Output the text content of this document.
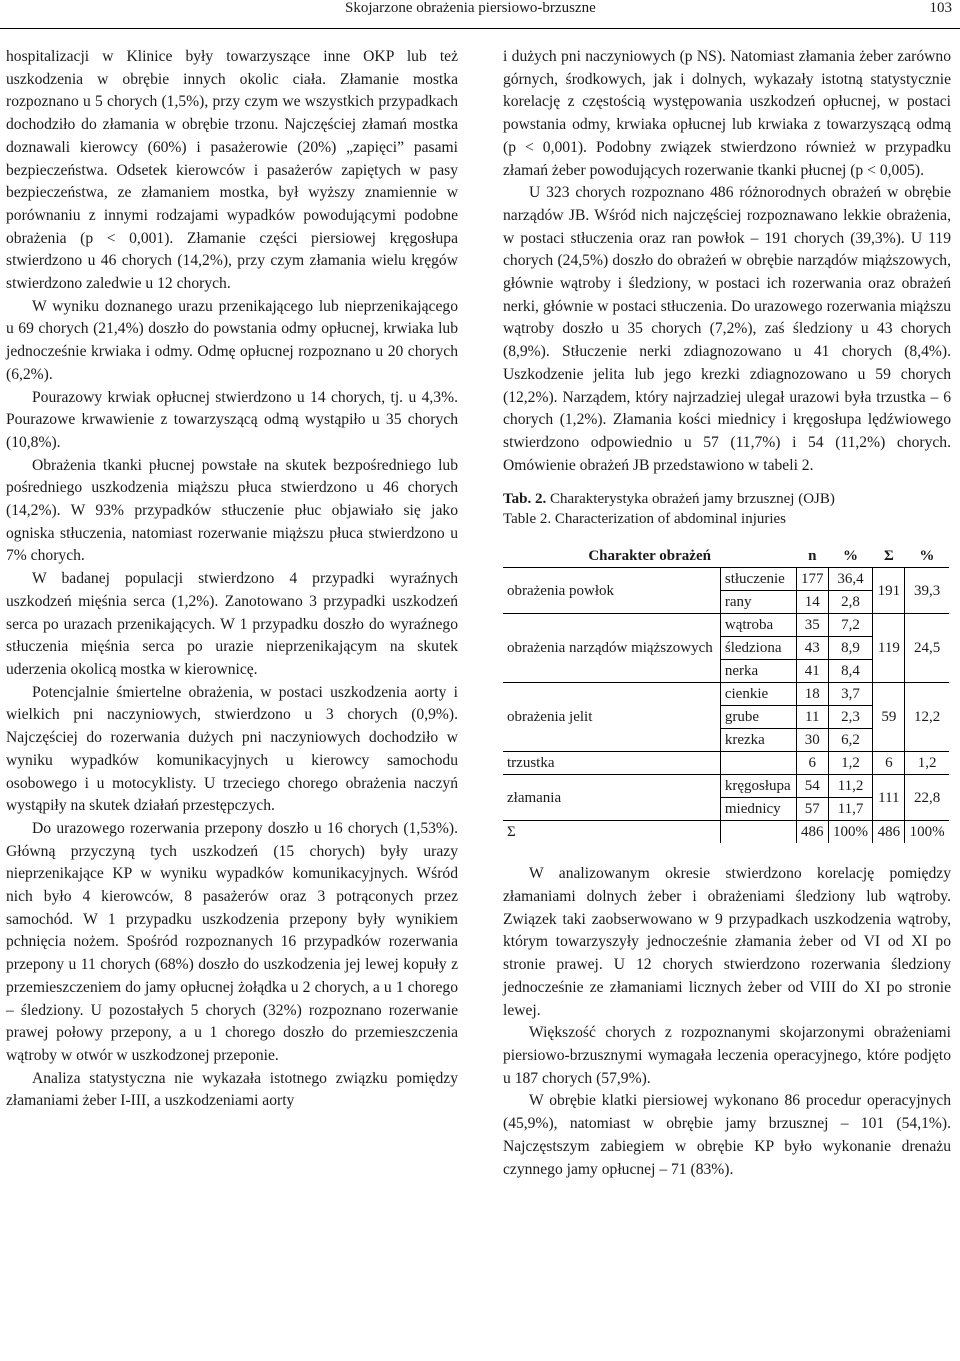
Skojarzone obrażenia piersiowo-brzuszne	103

hospitalizacji w Klinice były towarzyszące inne OKP lub też uszkodzenia w obrębie innych okolic ciała. Złamanie mostka rozpoznano u 5 chorych (1,5%), przy czym we wszystkich przypadkach dochodziło do złamania w obrębie trzonu. Najczęściej złamań mostka doznawali kierowcy (60%) i pasażerowie (20%) „zapięci” pasami bezpieczeństwa. Odsetek kierowców i pasażerów zapiętych w pasy bezpieczeństwa, ze złamaniem mostka, był wyższy znamiennie w porównaniu z innymi rodzajami wypadków powodującymi podobne obrażenia (p < 0,001). Złamanie części piersiowej kręgosłupa stwierdzono u 46 chorych (14,2%), przy czym złamania wielu kręgów stwierdzono zaledwie u 12 chorych.

W wyniku doznanego urazu przenikającego lub nieprzenikającego u 69 chorych (21,4%) doszło do powstania odmy opłucnej, krwiaka lub jednocześnie krwiaka i odmy. Odmę opłucnej rozpoznano u 20 chorych (6,2%).

Pourazowy krwiak opłucnej stwierdzono u 14 chorych, tj. u 4,3%. Pourazowe krwawienie z towarzyszącą odmą wystąpiło u 35 chorych (10,8%).

Obrażenia tkanki płucnej powstałe na skutek bezpośredniego lub pośredniego uszkodzenia miąższu płuca stwierdzono u 46 chorych (14,2%). W 93% przypadków stłuczenie płuc objawiało się jako ogniska stłuczenia, natomiast rozerwanie miąższu płuca stwierdzono u 7% chorych.

W badanej populacji stwierdzono 4 przypadki wyraźnych uszkodzeń mięśnia serca (1,2%). Zanotowano 3 przypadki uszkodzeń serca po urazach przenikających. W 1 przypadku doszło do wyraźnego stłuczenia mięśnia serca po urazie nieprzenikającym na skutek uderzenia okolicą mostka w kierownicę.

Potencjalnie śmiertelne obrażenia, w postaci uszkodzenia aorty i wielkich pni naczyniowych, stwierdzono u 3 chorych (0,9%). Najczęściej do rozerwania dużych pni naczyniowych dochodziło w wyniku wypadków komunikacyjnych u kierowcy samochodu osobowego i u motocyklisty. U trzeciego chorego obrażenia naczyń wystąpiły na skutek działań przestępczych.

Do urazowego rozerwania przepony doszło u 16 chorych (1,53%). Główną przyczyną tych uszkodzeń (15 chorych) były urazy nieprzenikające KP w wyniku wypadków komunikacyjnych. Wśród nich było 4 kierowców, 8 pasażerów oraz 3 potrąconych przez samochód. W 1 przypadku uszkodzenia przepony były wynikiem pchnięcia nożem. Spośród rozpoznanych 16 przypadków rozerwania przepony u 11 chorych (68%) doszło do uszkodzenia jej lewej kopuły z przemieszczeniem do jamy opłucnej żołądka u 2 chorych, a u 1 chorego – śledziony. U pozostałych 5 chorych (32%) rozpoznano rozerwanie prawej połowy przepony, a u 1 chorego doszło do przemieszczenia wątroby w otwór w uszkodzonej przeponie.

Analiza statystyczna nie wykazała istotnego związku pomiędzy złamaniami żeber I-III, a uszkodzeniami aorty

i dużych pni naczyniowych (p NS). Natomiast złamania żeber zarówno górnych, środkowych, jak i dolnych, wykazały istotną statystycznie korelację z częstością występowania uszkodzeń opłucnej, w postaci powstania odmy, krwiaka opłucnej lub krwiaka z towarzyszącą odmą (p < 0,001). Podobny związek stwierdzono również w przypadku złamań żeber powodujących rozerwanie tkanki płucnej (p < 0,005).

U 323 chorych rozpoznano 486 różnorodnych obrażeń w obrębie narządów JB. Wśród nich najczęściej rozpoznawano lekkie obrażenia, w postaci stłuczenia oraz ran powłok – 191 chorych (39,3%). U 119 chorych (24,5%) doszło do obrażeń w obrębie narządów miąższowych, głównie wątroby i śledziony, w postaci ich rozerwania oraz obrażeń nerki, głównie w postaci stłuczenia. Do urazowego rozerwania miąższu wątroby doszło u 35 chorych (7,2%), zaś śledziony u 43 chorych (8,9%). Stłuczenie nerki zdiagnozowano u 41 chorych (8,4%). Uszkodzenie jelita lub jego krezki zdiagnozowano u 59 chorych (12,2%). Narządem, który najrzadziej ulegał urazowi była trzustka – 6 chorych (1,2%). Złamania kości miednicy i kręgosłupa lędźwiowego stwierdzono odpowiednio u 57 (11,7%) i 54 (11,2%) chorych. Omówienie obrażeń JB przedstawiono w tabeli 2.

Tab. 2. Charakterystyka obrażeń jamy brzusznej (OJB)
Table 2. Characterization of abdominal injuries
Charakter obrażeń		n	%	Σ	%
obrażenia powłok	stłuczenie	177	36,4	191	39,3
	rany	14	2,8		
obrażenia narządów miąższowych	wątroba	35	7,2	119	24,5
	śledziona	43	8,9		
	nerka	41	8,4		
obrażenia jelit	cienkie	18	3,7	59	12,2
	grube	11	2,3		
	krezka	30	6,2		
trzustka		6	1,2	6	1,2
złamania	kręgosłupa	54	11,2	111	22,8
	miednicy	57	11,7		
Σ		486	100%	486	100%

W analizowanym okresie stwierdzono korelację pomiędzy złamaniami dolnych żeber i obrażeniami śledziony lub wątroby. Związek taki zaobserwowano w 9 przypadkach uszkodzenia wątroby, którym towarzyszyły jednocześnie złamania żeber od VI od XI po stronie prawej. U 12 chorych stwierdzono rozerwania śledziony jednocześnie ze złamaniami licznych żeber od VIII do XI po stronie lewej.

Większość chorych z rozpoznanymi skojarzonymi obrażeniami piersiowo-brzusznymi wymagała leczenia operacyjnego, które podjęto u 187 chorych (57,9%).

W obrębie klatki piersiowej wykonano 86 procedur operacyjnych (45,9%), natomiast w obrębie jamy brzusznej – 101 (54,1%). Najczęstszym zabiegiem w obrębie KP było wykonanie drenażu czynnego jamy opłucnej – 71 (83%).
